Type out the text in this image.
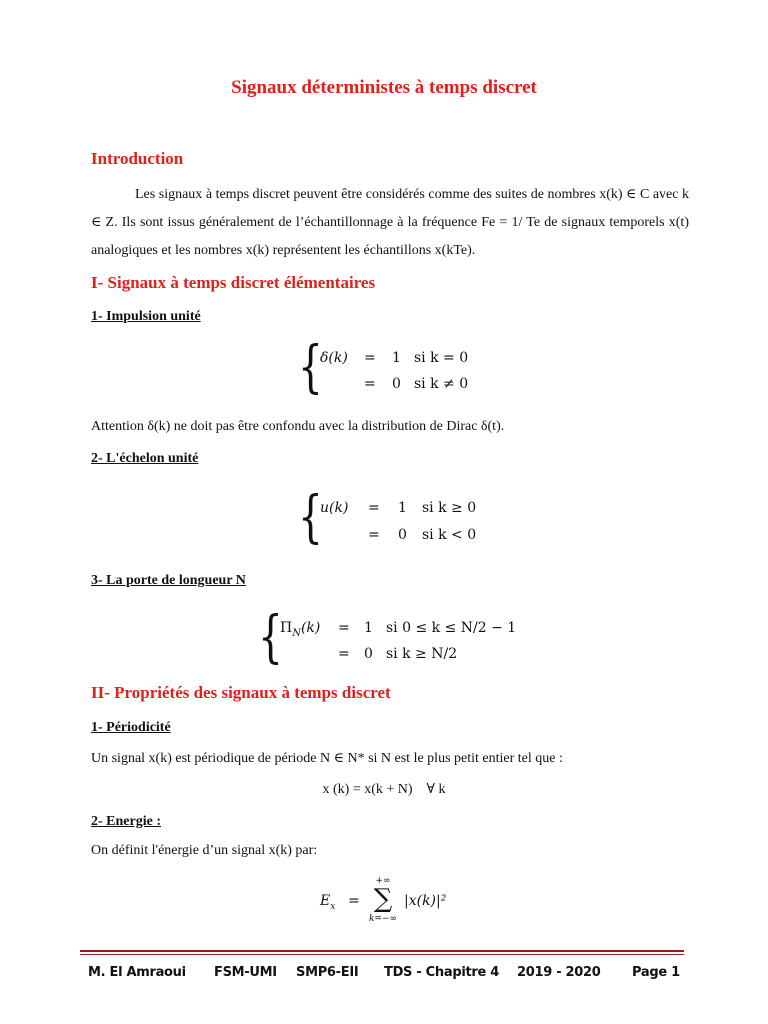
Signaux déterministes à temps discret
Introduction
Les signaux à temps discret peuvent être considérés comme des suites de nombres x(k) ∈ C avec k ∈ Z. Ils sont issus généralement de l’échantillonnage à la fréquence Fe = 1/ Te de signaux temporels x(t) analogiques et les nombres x(k) représentent les échantillons x(kTe).
I- Signaux à temps discret élémentaires
1- Impulsion unité
{
δ(k) = 1 si k = 0
= 0 si k ≠ 0
Attention δ(k) ne doit pas être confondu avec la distribution de Dirac δ(t).
2- L'échelon unité
{
u(k) = 1 si k ≥ 0
= 0 si k < 0
3- La porte de longueur N
{
$\Pi_N(k) = 1$ si 0 ≤ k ≤ N/2 − 1
= 0 si k ≥ N/2
II- Propriétés des signaux à temps discret
1- Périodicité
Un signal x(k) est périodique de période N ∈ N* si N est le plus petit entier tel que :
x (k) = x(k + N)    ∀ k
2- Energie :
On définit l'énergie d’un signal x(k) par:
$E_x$ =
+∞
∑
k=−∞
|x(k)|²
M. El Amraoui FSM-UMI SMP6-EII TDS - Chapitre 4 2019 - 2020 Page 1
